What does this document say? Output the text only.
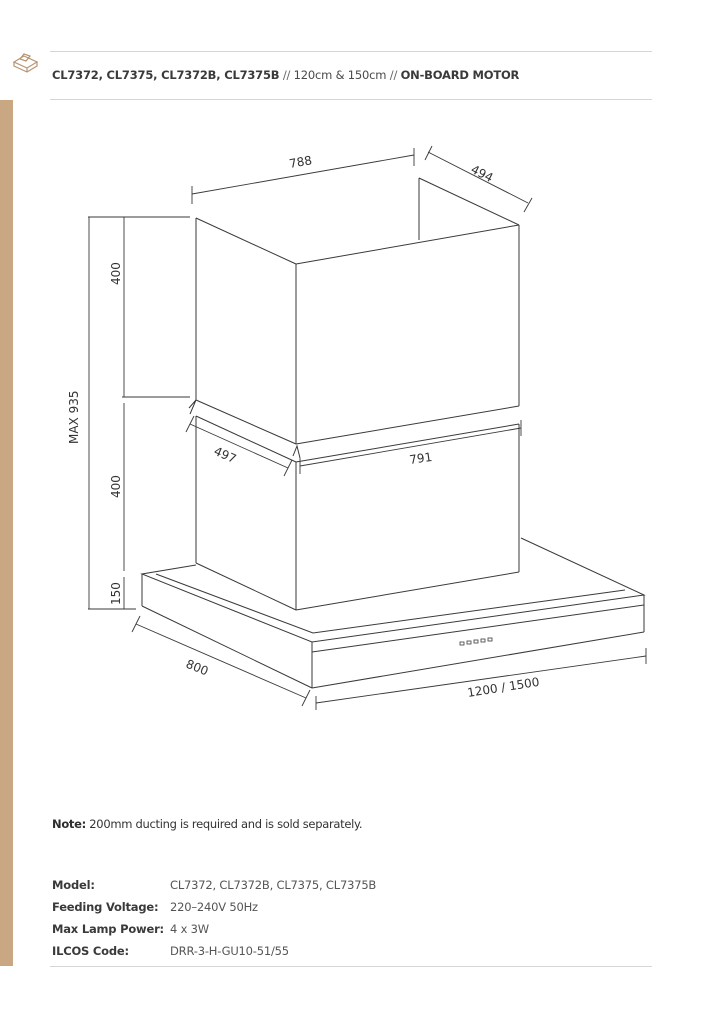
CL7372, CL7375, CL7372B, CL7375B // 120cm & 150cm // ON-BOARD MOTOR
788
494
400
MAX 935
400
150
497	791
800
1200 / 1500
Note: 200mm ducting is required and is sold separately.
Model:	CL7372, CL7372B, CL7375, CL7375B
Feeding Voltage:	220–240V 50Hz
Max Lamp Power: 4 x 3W
ILCOS Code:	DRR-3-H-GU10-51/55
